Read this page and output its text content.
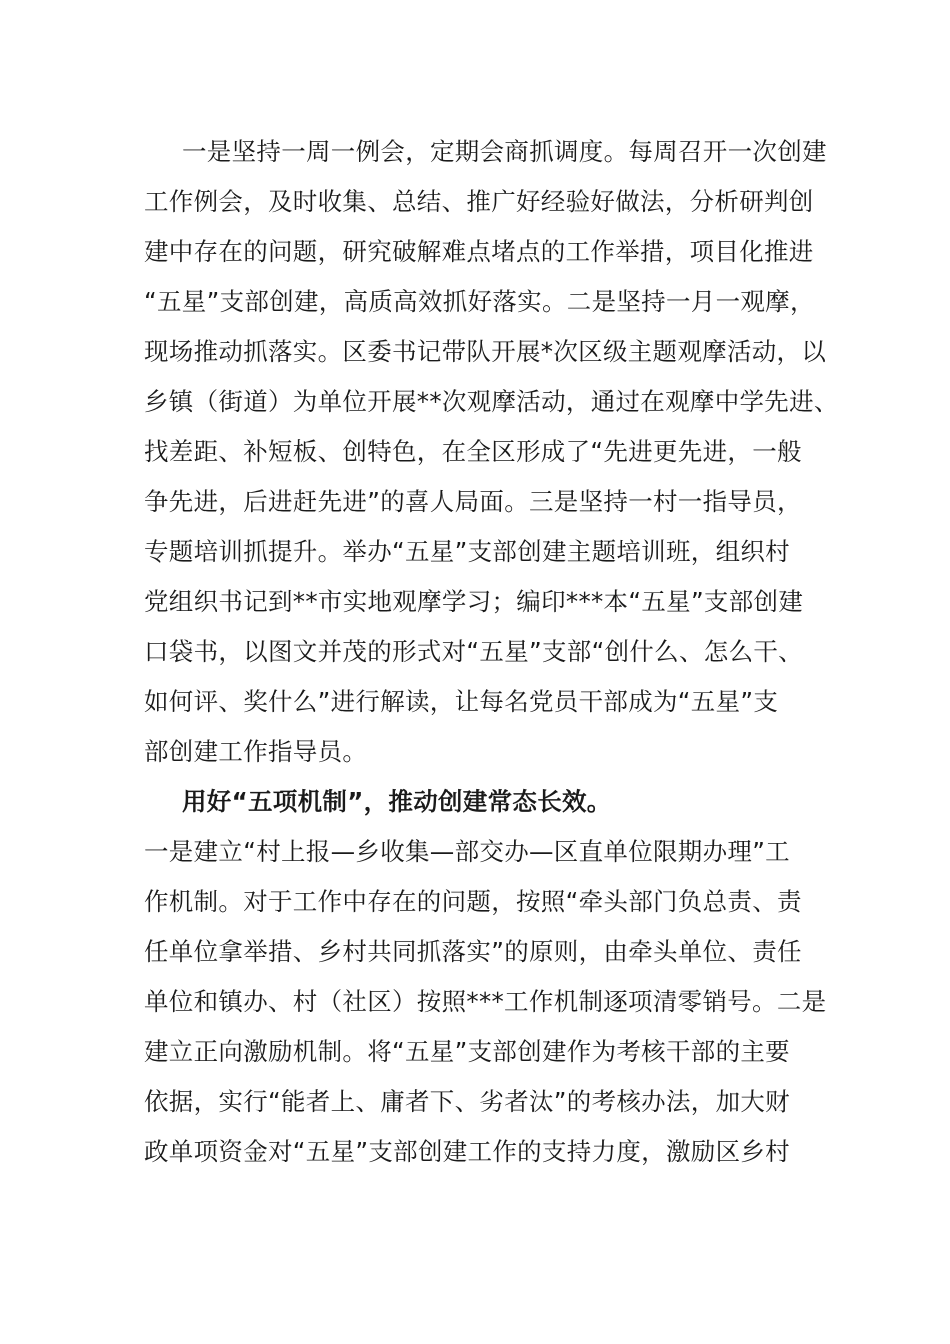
一是坚持一周一例会，定期会商抓调度。每周召开一次创建
工作例会，及时收集、总结、推广好经验好做法，分析研判创
建中存在的问题，研究破解难点堵点的工作举措，项目化推进
“五星”支部创建，高质高效抓好落实。二是坚持一月一观摩，
现场推动抓落实。区委书记带队开展*次区级主题观摩活动，以
乡镇（街道）为单位开展**次观摩活动，通过在观摩中学先进、
找差距、补短板、创特色，在全区形成了“先进更先进，一般
争先进，后进赶先进”的喜人局面。三是坚持一村一指导员，
专题培训抓提升。举办“五星”支部创建主题培训班，组织村
党组织书记到**市实地观摩学习；编印***本“五星”支部创建
口袋书，以图文并茂的形式对“五星”支部“创什么、怎么干、
如何评、奖什么”进行解读，让每名党员干部成为“五星”支
部创建工作指导员。
用好“五项机制”，推动创建常态长效。
一是建立“村上报—乡收集—部交办—区直单位限期办理”工
作机制。对于工作中存在的问题，按照“牵头部门负总责、责
任单位拿举措、乡村共同抓落实”的原则，由牵头单位、责任
单位和镇办、村（社区）按照***工作机制逐项清零销号。二是
建立正向激励机制。将“五星”支部创建作为考核干部的主要
依据，实行“能者上、庸者下、劣者汰”的考核办法，加大财
政单项资金对“五星”支部创建工作的支持力度，激励区乡村
